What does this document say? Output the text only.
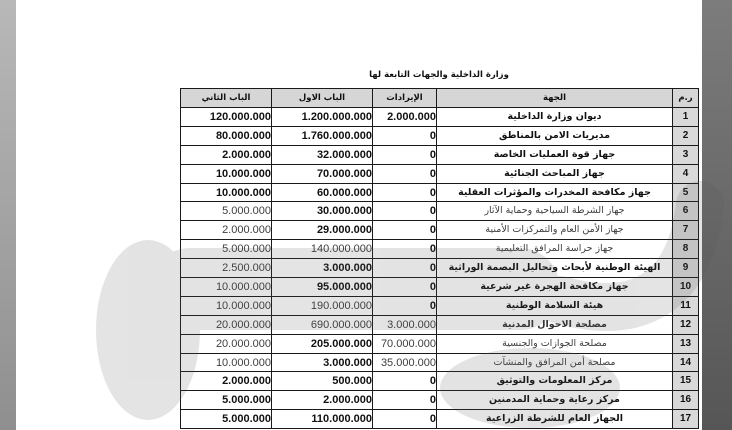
وزارة الداخلية والجهات التابعة لها
ر.م	الجهة	الإيرادات	الباب الاول	الباب الثاني
1	ديوان وزارة الداخلية	2.000.000	1.200.000.000	120.000.000
2	مديريات الامن بالمناطق	0	1.760.000.000	80.000.000
3	جهاز قوة العمليات الخاصة	0	32.000.000	2.000.000
4	جهاز المباحث الجنائية	0	70.000.000	10.000.000
5	جهاز مكافحة المخدرات والمؤثرات العقلية	0	60.000.000	10.000.000
6	جهاز الشرطة السياحية وحماية الآثار	0	30.000.000	5.000.000
7	جهاز الأمن العام والتمركزات الأمنية	0	29.000.000	2.000.000
8	جهاز حراسة المرافق التعليمية	0	140.000.000	5.000.000
9	الهيئة الوطنية لأبحاث وتحاليل البصمة الوراثية	0	3.000.000	2.500.000
10	جهاز مكافحة الهجرة غير شرعية	0	95.000.000	10.000.000
11	هيئة السلامة الوطنية	0	190.000.000	10.000.000
12	مصلحة الاحوال المدنية	3.000.000	690.000.000	20.000.000
13	مصلحة الجوازات والجنسية	70.000.000	205.000.000	20.000.000
14	مصلحة أمن المرافق والمنشآت	35.000.000	3.000.000	10.000.000
15	مركز المعلومات والتوثيق	0	500.000	2.000.000
16	مركز رعاية وحماية المدمنين	0	2.000.000	5.000.000
17	الجهاز العام للشرطة الزراعية	0	110.000.000	5.000.000
